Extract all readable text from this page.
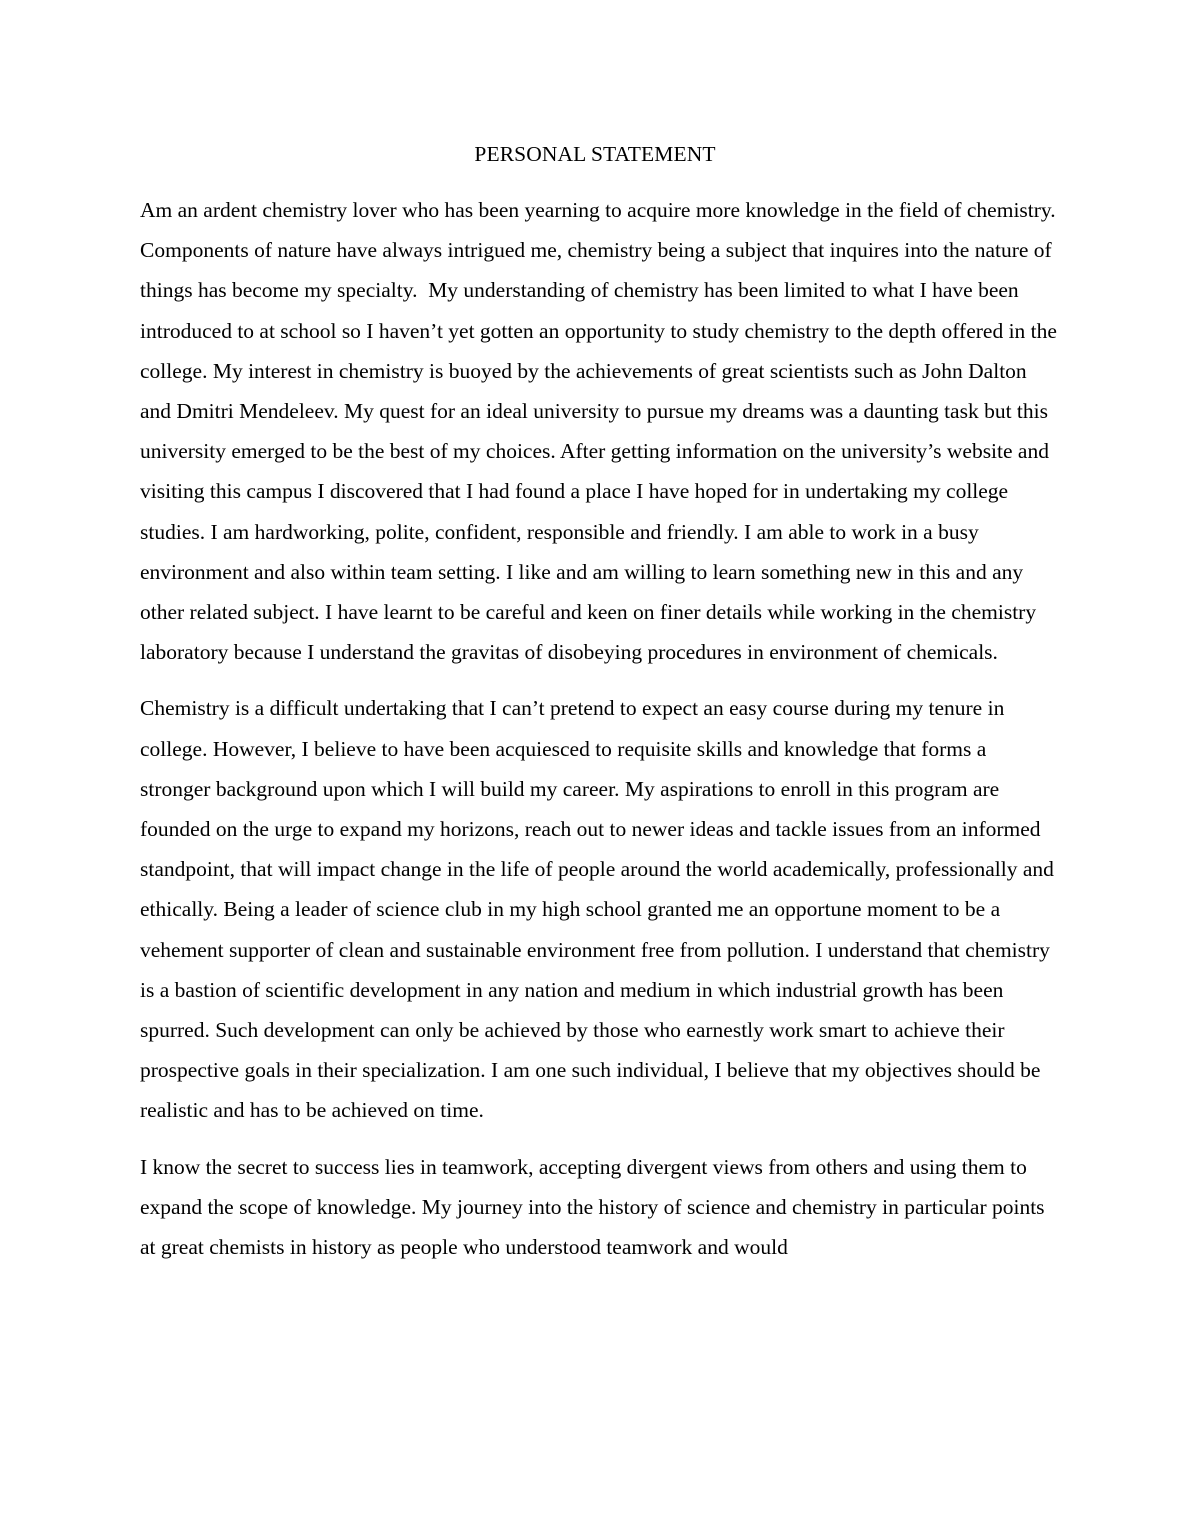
PERSONAL STATEMENT

Am an ardent chemistry lover who has been yearning to acquire more knowledge in the field of chemistry. Components of nature have always intrigued me, chemistry being a subject that inquires into the nature of things has become my specialty.  My understanding of chemistry has been limited to what I have been introduced to at school so I haven’t yet gotten an opportunity to study chemistry to the depth offered in the college. My interest in chemistry is buoyed by the achievements of great scientists such as John Dalton and Dmitri Mendeleev. My quest for an ideal university to pursue my dreams was a daunting task but this university emerged to be the best of my choices. After getting information on the university’s website and visiting this campus I discovered that I had found a place I have hoped for in undertaking my college studies. I am hardworking, polite, confident, responsible and friendly. I am able to work in a busy environment and also within team setting. I like and am willing to learn something new in this and any other related subject. I have learnt to be careful and keen on finer details while working in the chemistry laboratory because I understand the gravitas of disobeying procedures in environment of chemicals.

Chemistry is a difficult undertaking that I can’t pretend to expect an easy course during my tenure in college. However, I believe to have been acquiesced to requisite skills and knowledge that forms a stronger background upon which I will build my career. My aspirations to enroll in this program are founded on the urge to expand my horizons, reach out to newer ideas and tackle issues from an informed standpoint, that will impact change in the life of people around the world academically, professionally and ethically. Being a leader of science club in my high school granted me an opportune moment to be a vehement supporter of clean and sustainable environment free from pollution. I understand that chemistry is a bastion of scientific development in any nation and medium in which industrial growth has been spurred. Such development can only be achieved by those who earnestly work smart to achieve their prospective goals in their specialization. I am one such individual, I believe that my objectives should be realistic and has to be achieved on time.

I know the secret to success lies in teamwork, accepting divergent views from others and using them to expand the scope of knowledge. My journey into the history of science and chemistry in particular points at great chemists in history as people who understood teamwork and would
